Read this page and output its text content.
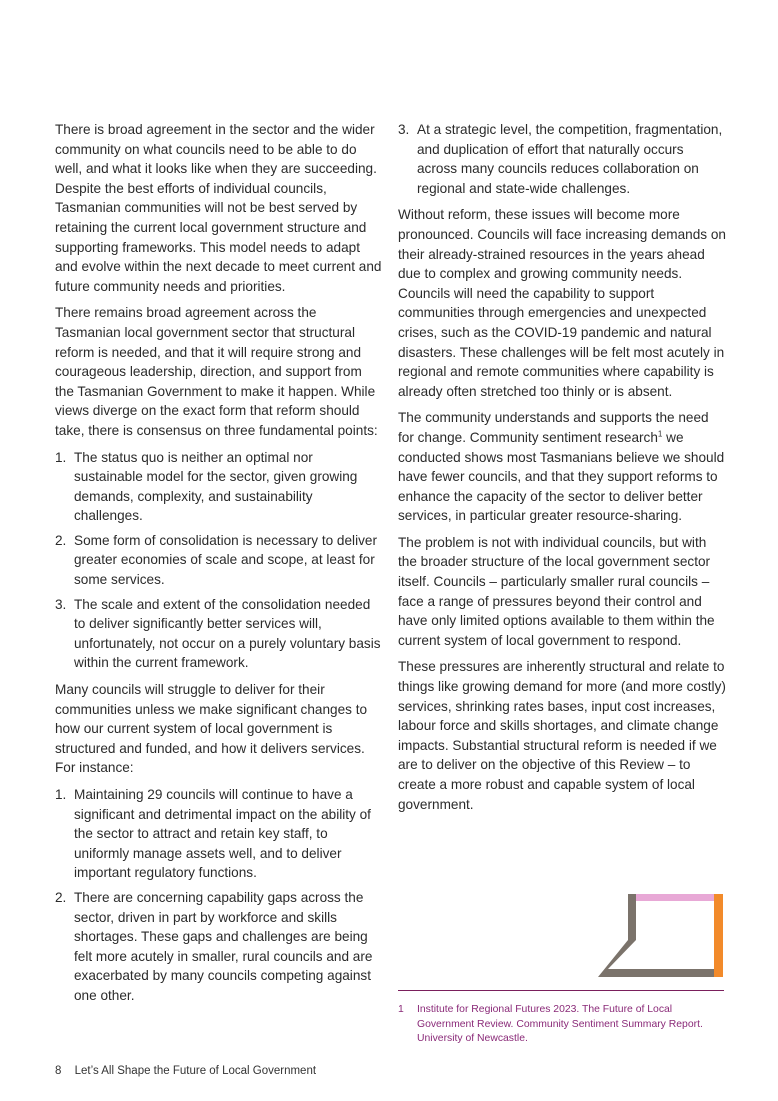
There is broad agreement in the sector and the wider community on what councils need to be able to do well, and what it looks like when they are succeeding. Despite the best efforts of individual councils, Tasmanian communities will not be best served by retaining the current local government structure and supporting frameworks. This model needs to adapt and evolve within the next decade to meet current and future community needs and priorities.

There remains broad agreement across the Tasmanian local government sector that structural reform is needed, and that it will require strong and courageous leadership, direction, and support from the Tasmanian Government to make it happen. While views diverge on the exact form that reform should take, there is consensus on three fundamental points:

1. The status quo is neither an optimal nor sustainable model for the sector, given growing demands, complexity, and sustainability challenges.
2. Some form of consolidation is necessary to deliver greater economies of scale and scope, at least for some services.
3. The scale and extent of the consolidation needed to deliver significantly better services will, unfortunately, not occur on a purely voluntary basis within the current framework.

Many councils will struggle to deliver for their communities unless we make significant changes to how our current system of local government is structured and funded, and how it delivers services. For instance:

1. Maintaining 29 councils will continue to have a significant and detrimental impact on the ability of the sector to attract and retain key staff, to uniformly manage assets well, and to deliver important regulatory functions.
2. There are concerning capability gaps across the sector, driven in part by workforce and skills shortages. These gaps and challenges are being felt more acutely in smaller, rural councils and are exacerbated by many councils competing against one other.
3. At a strategic level, the competition, fragmentation, and duplication of effort that naturally occurs across many councils reduces collaboration on regional and state-wide challenges.

Without reform, these issues will become more pronounced. Councils will face increasing demands on their already-strained resources in the years ahead due to complex and growing community needs. Councils will need the capability to support communities through emergencies and unexpected crises, such as the COVID-19 pandemic and natural disasters. These challenges will be felt most acutely in regional and remote communities where capability is already often stretched too thinly or is absent.

The community understands and supports the need for change. Community sentiment research$^1$ we conducted shows most Tasmanians believe we should have fewer councils, and that they support reforms to enhance the capacity of the sector to deliver better services, in particular greater resource-sharing.

The problem is not with individual councils, but with the broader structure of the local government sector itself. Councils – particularly smaller rural councils – face a range of pressures beyond their control and have only limited options available to them within the current system of local government to respond.

These pressures are inherently structural and relate to things like growing demand for more (and more costly) services, shrinking rates bases, input cost increases, labour force and skills shortages, and climate change impacts. Substantial structural reform is needed if we are to deliver on the objective of this Review – to create a more robust and capable system of local government.

1	Institute for Regional Futures 2023. The Future of Local Government Review. Community Sentiment Summary Report. University of Newcastle.
8 Let’s All Shape the Future of Local Government
